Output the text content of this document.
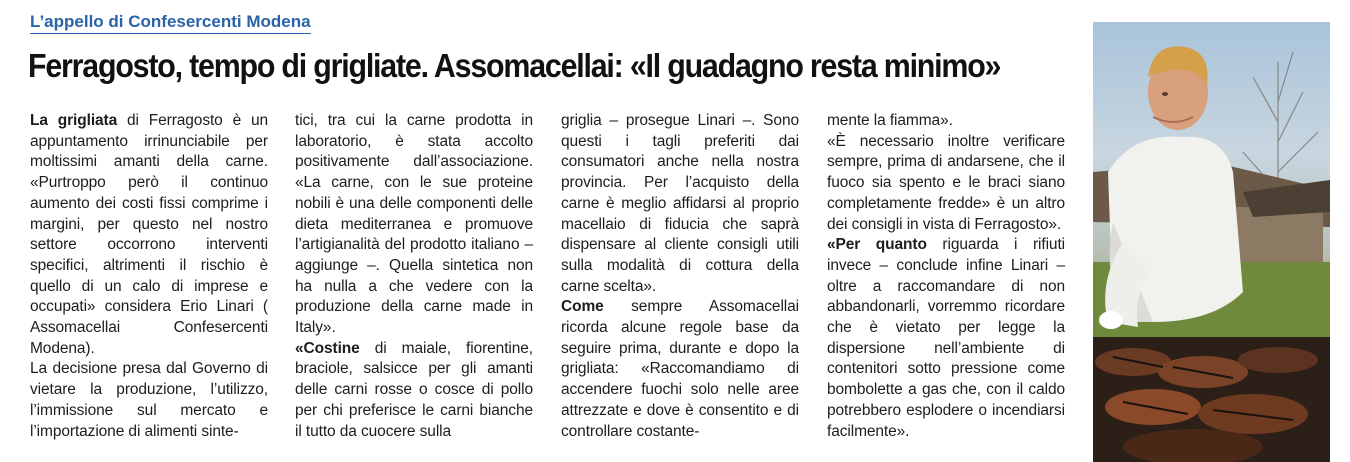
L’appello di Confesercenti Modena
Ferragosto, tempo di grigliate. Assomacellai: «Il guadagno resta minimo»

La grigliata di Ferragosto è un appuntamento irrinunciabile per moltissimi amanti della carne. «Purtroppo però il continuo aumento dei costi fissi comprime i margini, per questo nel nostro settore occorrono interventi specifici, altrimenti il rischio è quello di un calo di imprese e occupati» considera Erio Linari ( Assomacellai Confesercenti Modena).

La decisione presa dal Governo di vietare la produzione, l’utilizzo, l’immissione sul mercato e l’importazione di alimenti sinte-

tici, tra cui la carne prodotta in laboratorio, è stata accolto positivamente dall’associazione. «La carne, con le sue proteine nobili è una delle componenti delle dieta mediterranea e promuove l’artigianalità del prodotto italiano – aggiunge –. Quella sintetica non ha nulla a che vedere con la produzione della carne made in Italy».

«Costine di maiale, fiorentine, braciole, salsicce per gli amanti delle carni rosse o cosce di pollo per chi preferisce le carni bianche il tutto da cuocere sulla

griglia – prosegue Linari –. Sono questi i tagli preferiti dai consumatori anche nella nostra provincia. Per l’acquisto della carne è meglio affidarsi al proprio macellaio di fiducia che saprà dispensare al cliente consigli utili sulla modalità di cottura della carne scelta».

Come sempre Assomacellai ricorda alcune regole base da seguire prima, durante e dopo la grigliata: «Raccomandiamo di accendere fuochi solo nelle aree attrezzate e dove è consentito e di controllare costante-

mente la fiamma».

«È necessario inoltre verificare sempre, prima di andarsene, che il fuoco sia spento e le braci siano completamente fredde» è un altro dei consigli in vista di Ferragosto».

«Per quanto riguarda i rifiuti invece – conclude infine Linari – oltre a raccomandare di non abbandonarli, vorremmo ricordare che è vietato per legge la dispersione nell’ambiente di contenitori sotto pressione come bombolette a gas che, con il caldo potrebbero esplodere o incendiarsi facilmente».
